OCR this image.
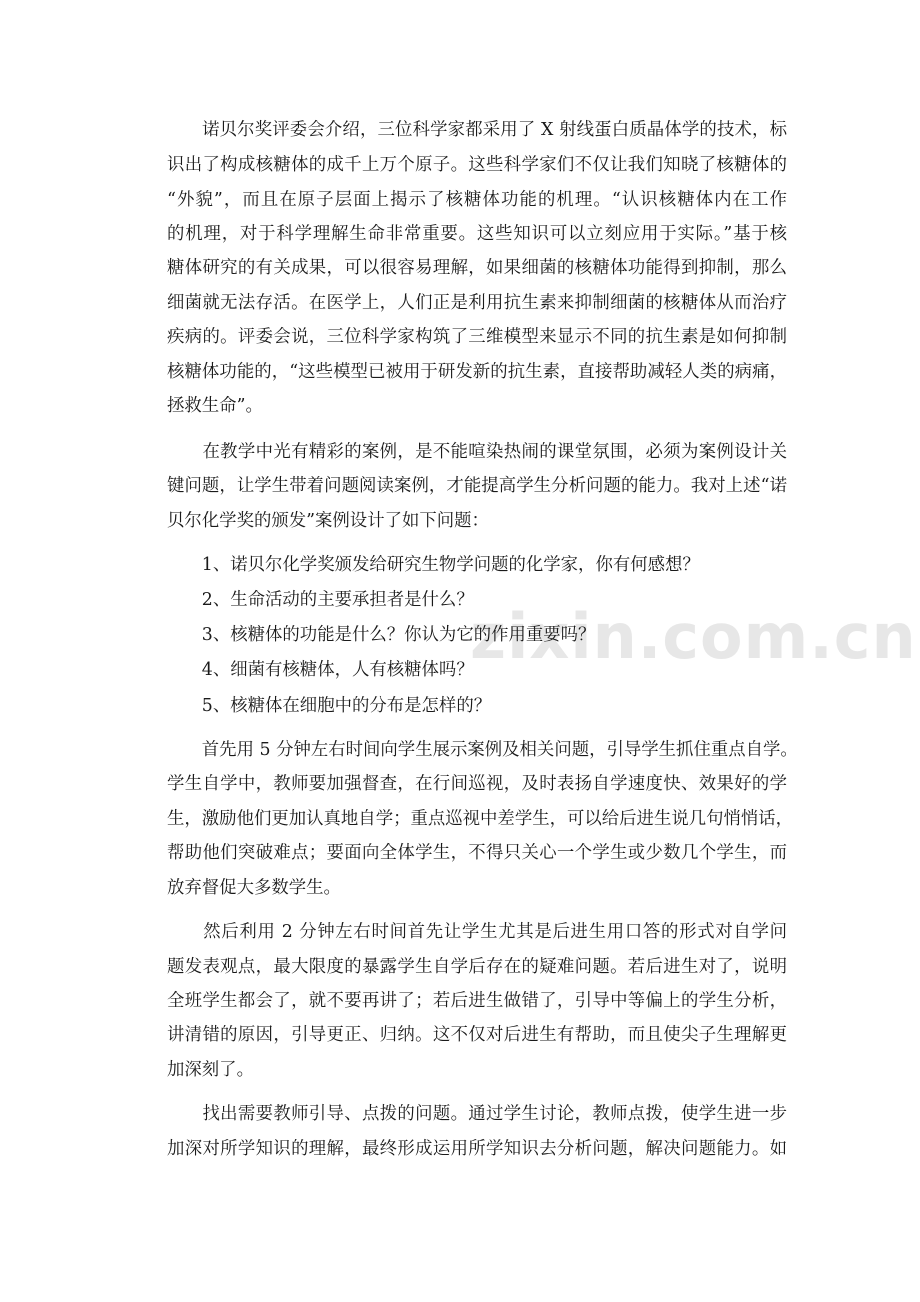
zixin.com.cn
　　诺贝尔奖评委会介绍，三位科学家都采用了 X 射线蛋白质晶体学的技术，标
识出了构成核糖体的成千上万个原子。这些科学家们不仅让我们知晓了核糖体的
“外貌”，而且在原子层面上揭示了核糖体功能的机理。“认识核糖体内在工作
的机理，对于科学理解生命非常重要。这些知识可以立刻应用于实际。”基于核
糖体研究的有关成果，可以很容易理解，如果细菌的核糖体功能得到抑制，那么
细菌就无法存活。在医学上，人们正是利用抗生素来抑制细菌的核糖体从而治疗
疾病的。评委会说，三位科学家构筑了三维模型来显示不同的抗生素是如何抑制
核糖体功能的，“这些模型已被用于研发新的抗生素，直接帮助减轻人类的病痛，
拯救生命”。
　　在教学中光有精彩的案例，是不能喧染热闹的课堂氛围，必须为案例设计关
键问题，让学生带着问题阅读案例，才能提高学生分析问题的能力。我对上述“诺
贝尔化学奖的颁发”案例设计了如下问题：
　　1、诺贝尔化学奖颁发给研究生物学问题的化学家，你有何感想？
　　2、生命活动的主要承担者是什么？
　　3、核糖体的功能是什么？你认为它的作用重要吗？
　　4、细菌有核糖体，人有核糖体吗？
　　5、核糖体在细胞中的分布是怎样的？
　　首先用 5 分钟左右时间向学生展示案例及相关问题，引导学生抓住重点自学。
学生自学中，教师要加强督查，在行间巡视，及时表扬自学速度快、效果好的学
生，激励他们更加认真地自学；重点巡视中差学生，可以给后进生说几句悄悄话，
帮助他们突破难点；要面向全体学生，不得只关心一个学生或少数几个学生，而
放弃督促大多数学生。
　　然后利用 2 分钟左右时间首先让学生尤其是后进生用口答的形式对自学问
题发表观点，最大限度的暴露学生自学后存在的疑难问题。若后进生对了，说明
全班学生都会了，就不要再讲了；若后进生做错了，引导中等偏上的学生分析，
讲清错的原因，引导更正、归纳。这不仅对后进生有帮助，而且使尖子生理解更
加深刻了。
　　找出需要教师引导、点拨的问题。通过学生讨论，教师点拨，使学生进一步
加深对所学知识的理解，最终形成运用所学知识去分析问题，解决问题能力。如
